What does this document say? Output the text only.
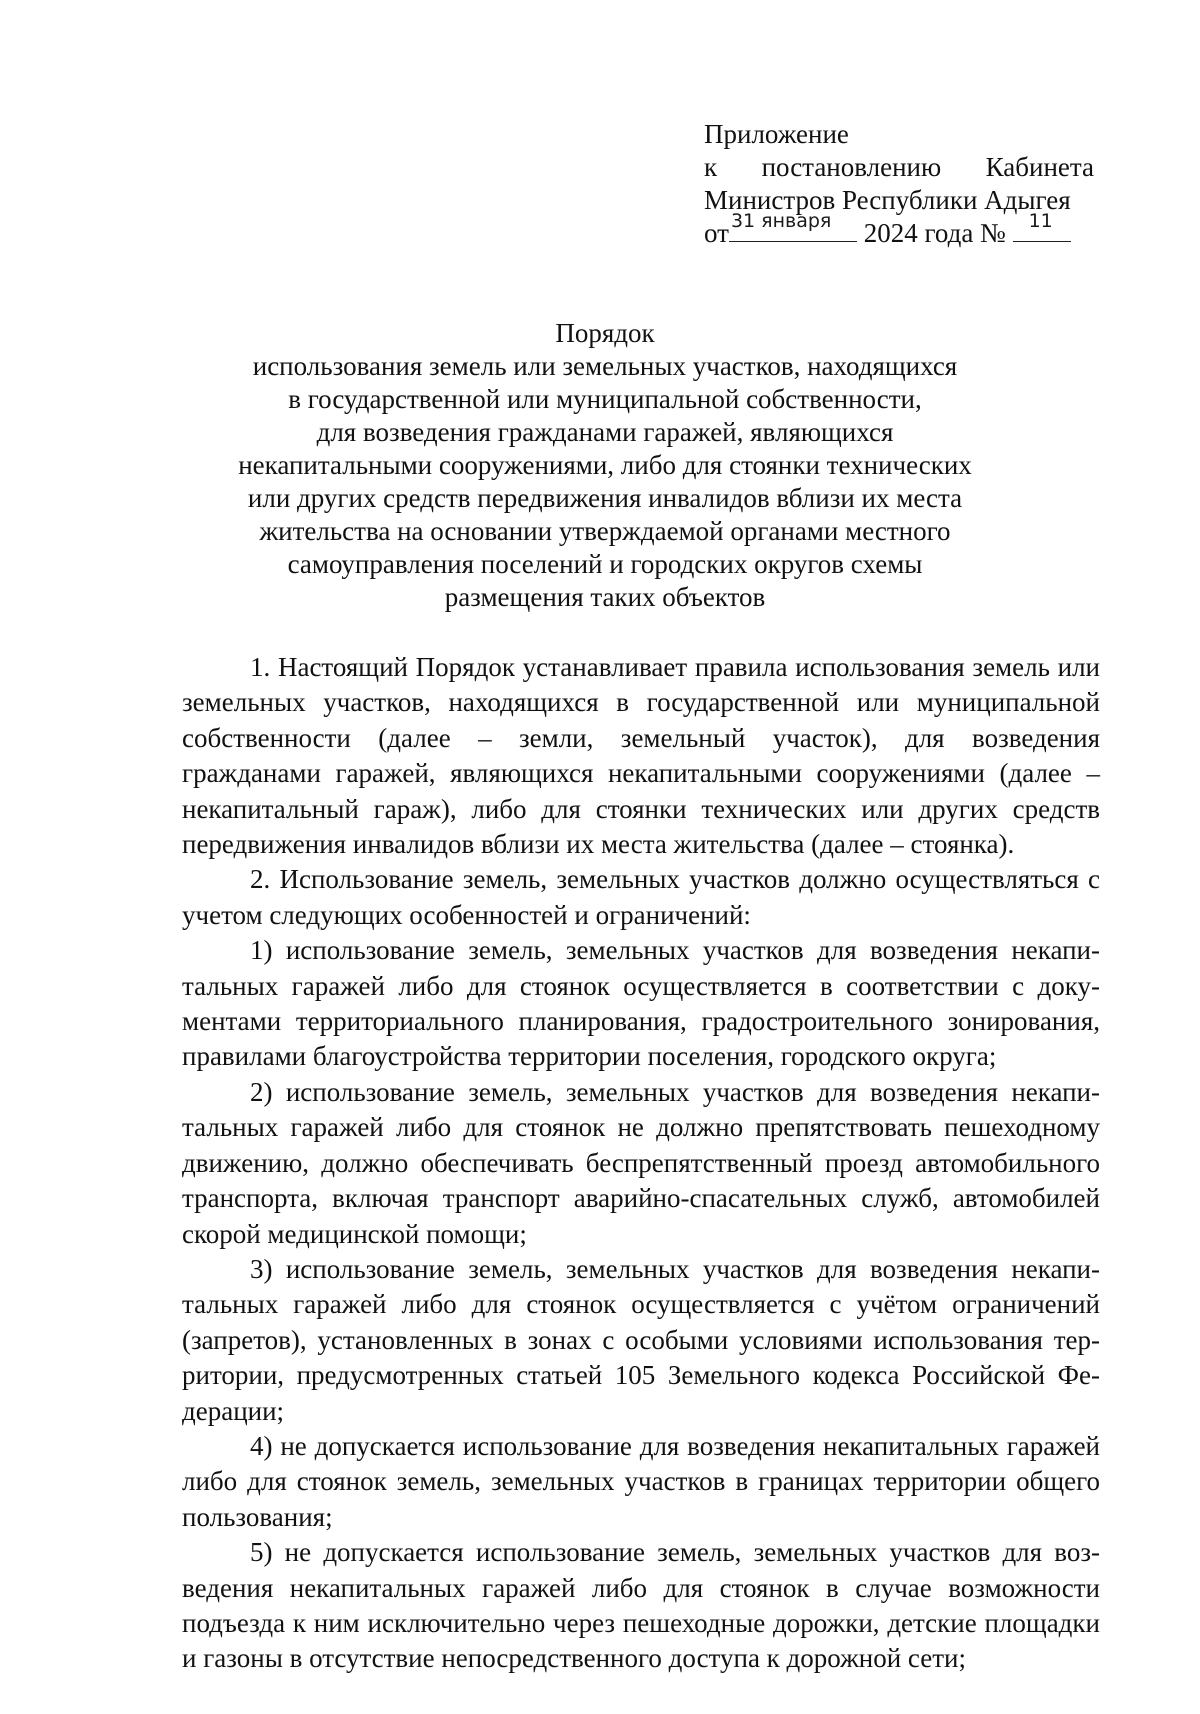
Приложение
к постановлению Кабинета
Министров Республики Адыгея
от 31 января 2024 года № 11
Порядок
использования земель или земельных участков, находящихся
в государственной или муниципальной собственности,
для возведения гражданами гаражей, являющихся
некапитальными сооружениями, либо для стоянки технических
или других средств передвижения инвалидов вблизи их места
жительства на основании утверждаемой органами местного
самоуправления поселений и городских округов схемы
размещения таких объектов

1. Настоящий Порядок устанавливает правила использования земель или земельных участков, находящихся в государственной или муниципальной собственности (далее – земли, земельный участок), для возведения гражданами гаражей, являющихся некапитальными сооружениями (далее – некапитальный гараж), либо для стоянки технических или других средств передвижения инвалидов вблизи их места жительства (далее – стоянка).

2. Использование земель, земельных участков должно осуществляться с учетом следующих особенностей и ограничений:

1) использование земель, земельных участков для возведения некапитальных гаражей либо для стоянок осуществляется в соответствии с документами территориального планирования, градостроительного зонирования, правилами благоустройства территории поселения, городского округа;

2) использование земель, земельных участков для возведения некапитальных гаражей либо для стоянок не должно препятствовать пешеходному движению, должно обеспечивать беспрепятственный проезд автомобильного транспорта, включая транспорт аварийно-спасательных служб, автомобилей скорой медицинской помощи;

3) использование земель, земельных участков для возведения некапитальных гаражей либо для стоянок осуществляется с учётом ограничений (запретов), установленных в зонах с особыми условиями использования территории, предусмотренных статьей 105 Земельного кодекса Российской Федерации;

4) не допускается использование для возведения некапитальных гаражей либо для стоянок земель, земельных участков в границах территории общего пользования;

5) не допускается использование земель, земельных участков для возведения некапитальных гаражей либо для стоянок в случае возможности подъезда к ним исключительно через пешеходные дорожки, детские площадки и газоны в отсутствие непосредственного доступа к дорожной сети;
